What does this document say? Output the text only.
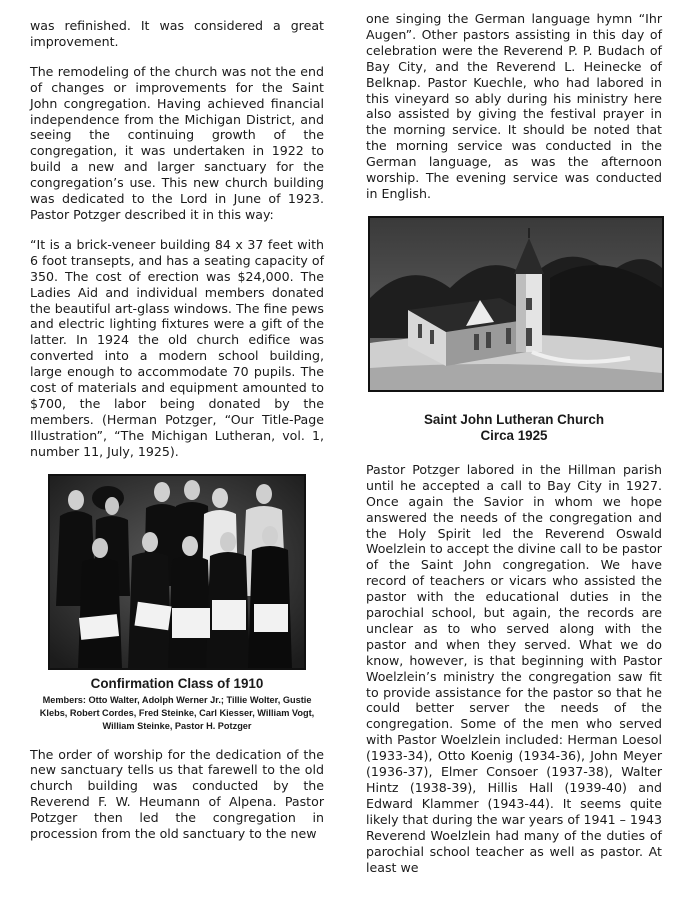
was refinished. It was considered a great improvement.

The remodeling of the church was not the end of changes or improvements for the Saint John congregation. Having achieved financial independence from the Michigan District, and seeing the continuing growth of the congregation, it was undertaken in 1922 to build a new and larger sanctuary for the congregation’s use. This new church building was dedicated to the Lord in June of 1923. Pastor Potzger described it in this way:

“It is a brick-veneer building 84 x 37 feet with 6 foot transepts, and has a seating capacity of 350. The cost of erection was $24,000. The Ladies Aid and individual members donated the beautiful art-glass windows. The fine pews and electric lighting fixtures were a gift of the latter. In 1924 the old church edifice was converted into a modern school building, large enough to accommodate 70 pupils. The cost of materials and equipment amounted to $700, the labor being donated by the members. (Herman Potzger, “Our Title-Page Illustration”, “The Michigan Lutheran, vol. 1, number 11, July, 1925).

Confirmation Class of 1910
Members: Otto Walter, Adolph Werner Jr.; Tillie Wolter, Gustie Klebs, Robert Cordes, Fred Steinke, Carl Kiesser, William Vogt, William Steinke, Pastor H. Potzger

The order of worship for the dedication of the new sanctuary tells us that farewell to the old church building was conducted by the Reverend F. W. Heumann of Alpena. Pastor Potzger then led the congregation in procession from the old sanctuary to the new

one singing the German language hymn “Ihr Augen”. Other pastors assisting in this day of celebration were the Reverend P. P. Budach of Bay City, and the Reverend L. Heinecke of Belknap. Pastor Kuechle, who had labored in this vineyard so ably during his ministry here also assisted by giving the festival prayer in the morning service. It should be noted that the morning service was conducted in the German language, as was the afternoon worship. The evening service was conducted in English.

Saint John Lutheran Church
Circa 1925

Pastor Potzger labored in the Hillman parish until he accepted a call to Bay City in 1927. Once again the Savior in whom we hope answered the needs of the congregation and the Holy Spirit led the Reverend Oswald Woelzlein to accept the divine call to be pastor of the Saint John congregation. We have record of teachers or vicars who assisted the pastor with the educational duties in the parochial school, but again, the records are unclear as to who served along with the pastor and when they served. What we do know, however, is that beginning with Pastor Woelzlein’s ministry the congregation saw fit to provide assistance for the pastor so that he could better server the needs of the congregation. Some of the men who served with Pastor Woelzlein included: Herman Loesol (1933-34), Otto Koenig (1934-36), John Meyer (1936-37), Elmer Consoer (1937-38), Walter Hintz (1938-39), Hillis Hall (1939-40) and Edward Klammer (1943-44). It seems quite likely that during the war years of 1941 – 1943 Reverend Woelzlein had many of the duties of parochial school teacher as well as pastor. At least we
